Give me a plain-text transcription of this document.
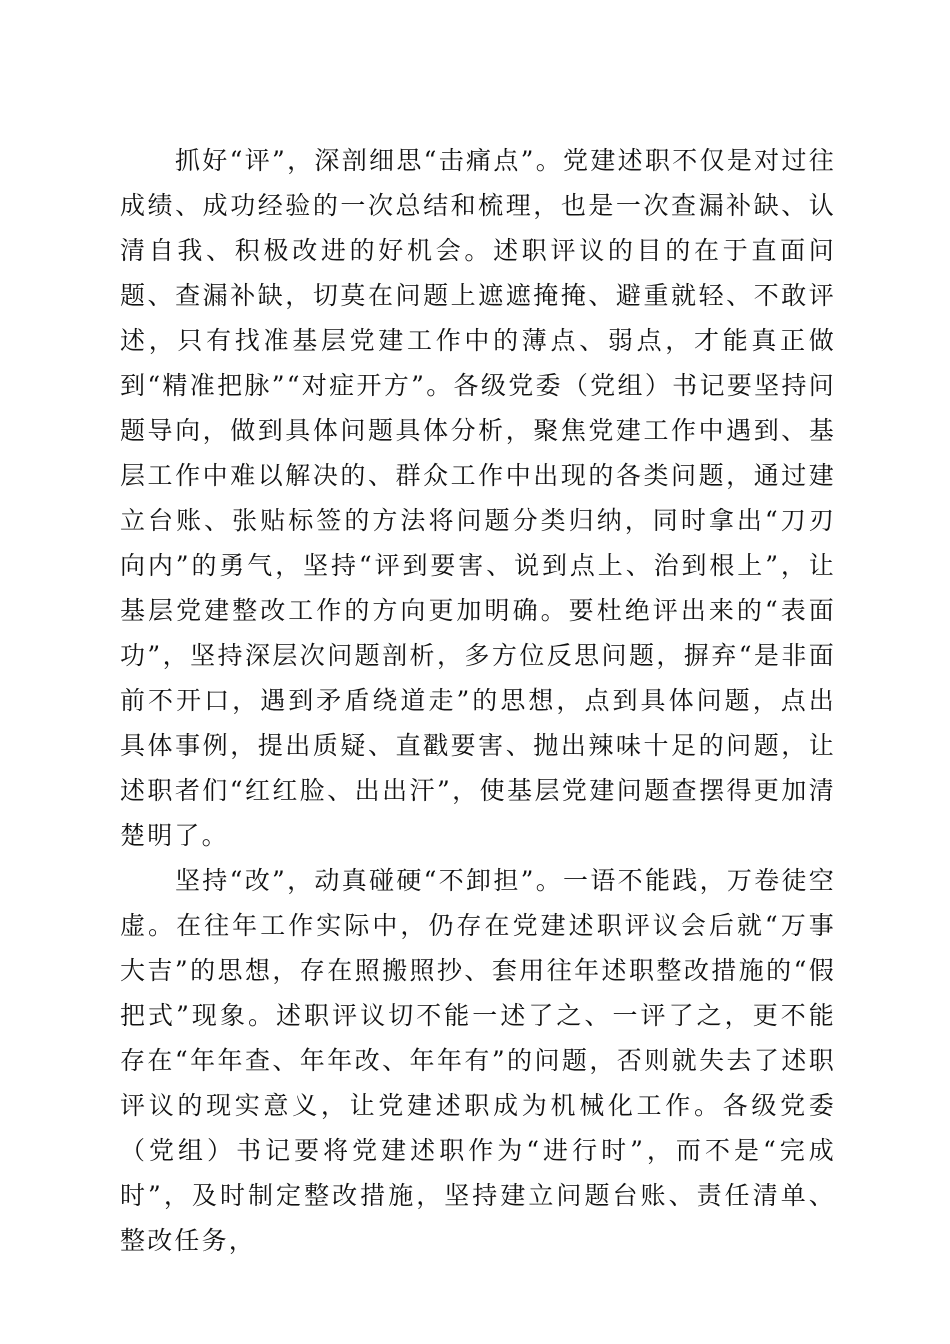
抓好“评”，深剖细思“击痛点”。党建述职不仅是对过往成绩、成功经验的一次总结和梳理，也是一次查漏补缺、认清自我、积极改进的好机会。述职评议的目的在于直面问题、查漏补缺，切莫在问题上遮遮掩掩、避重就轻、不敢评述，只有找准基层党建工作中的薄点、弱点，才能真正做到“精准把脉”“对症开方”。各级党委（党组）书记要坚持问题导向，做到具体问题具体分析，聚焦党建工作中遇到、基层工作中难以解决的、群众工作中出现的各类问题，通过建立台账、张贴标签的方法将问题分类归纳，同时拿出“刀刃向内”的勇气，坚持“评到要害、说到点上、治到根上”，让基层党建整改工作的方向更加明确。要杜绝评出来的“表面功”，坚持深层次问题剖析，多方位反思问题，摒弃“是非面前不开口，遇到矛盾绕道走”的思想，点到具体问题，点出具体事例，提出质疑、直戳要害、抛出辣味十足的问题，让述职者们“红红脸、出出汗”，使基层党建问题查摆得更加清楚明了。

坚持“改”，动真碰硬“不卸担”。一语不能践，万卷徒空虚。在往年工作实际中，仍存在党建述职评议会后就“万事大吉”的思想，存在照搬照抄、套用往年述职整改措施的“假把式”现象。述职评议切不能一述了之、一评了之，更不能存在“年年查、年年改、年年有”的问题，否则就失去了述职评议的现实意义，让党建述职成为机械化工作。各级党委（党组）书记要将党建述职作为“进行时”，而不是“完成时”，及时制定整改措施，坚持建立问题台账、责任清单、整改任务，
